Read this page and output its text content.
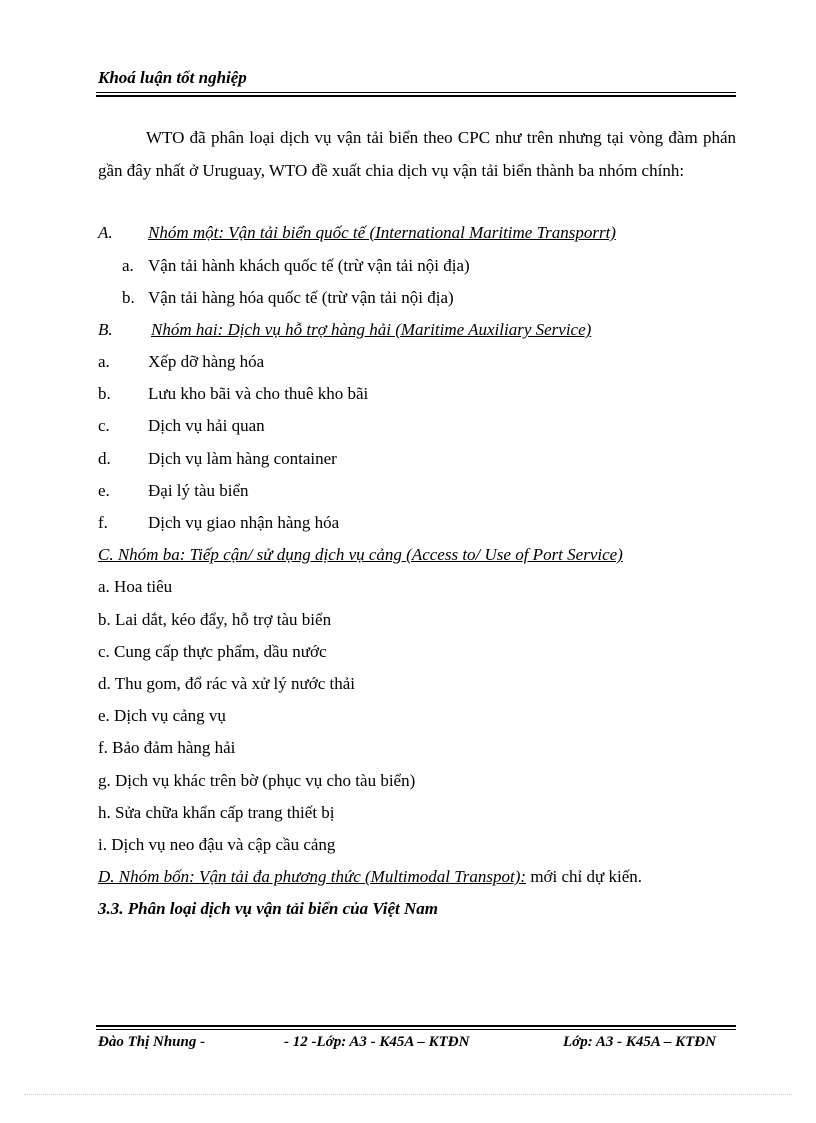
Khoá luận tốt nghiệp

WTO đã phân loại dịch vụ vận tải biển theo CPC như trên nhưng tại vòng đàm phán gần đây nhất ở Uruguay, WTO đề xuất chia dịch vụ vận tải biển thành ba nhóm chính:

A. Nhóm một: Vận tải biển quốc tế (International Maritime Transporrt)
a. Vận tải hành khách quốc tế (trừ vận tải nội địa)
b. Vận tải hàng hóa quốc tế (trừ vận tải nội địa)
B. Nhóm hai: Dịch vụ hỗ trợ hàng hải (Maritime Auxiliary Service)
a. Xếp dỡ hàng hóa
b. Lưu kho bãi và cho thuê kho bãi
c. Dịch vụ hải quan
d. Dịch vụ làm hàng container
e. Đại lý tàu biển
f. Dịch vụ giao nhận hàng hóa
C. Nhóm ba: Tiếp cận/ sử dụng dịch vụ cảng (Access to/ Use of Port Service)
a. Hoa tiêu
b. Lai dắt, kéo đẩy, hỗ trợ tàu biển
c. Cung cấp thực phẩm, dầu nước
d. Thu gom, đổ rác và xử lý nước thải
e. Dịch vụ cảng vụ
f. Bảo đảm hàng hải
g. Dịch vụ khác trên bờ (phục vụ cho tàu biển)
h. Sửa chữa khẩn cấp trang thiết bị
i. Dịch vụ neo đậu và cập cầu cảng
D. Nhóm bốn: Vận tải đa phương thức (Multimodal Transpot): mới chỉ dự kiến.
3.3. Phân loại dịch vụ vận tải biển của Việt Nam
Đào Thị Nhung -	- 12 -Lớp: A3 - K45A – KTĐN	Lớp: A3 - K45A – KTĐN
